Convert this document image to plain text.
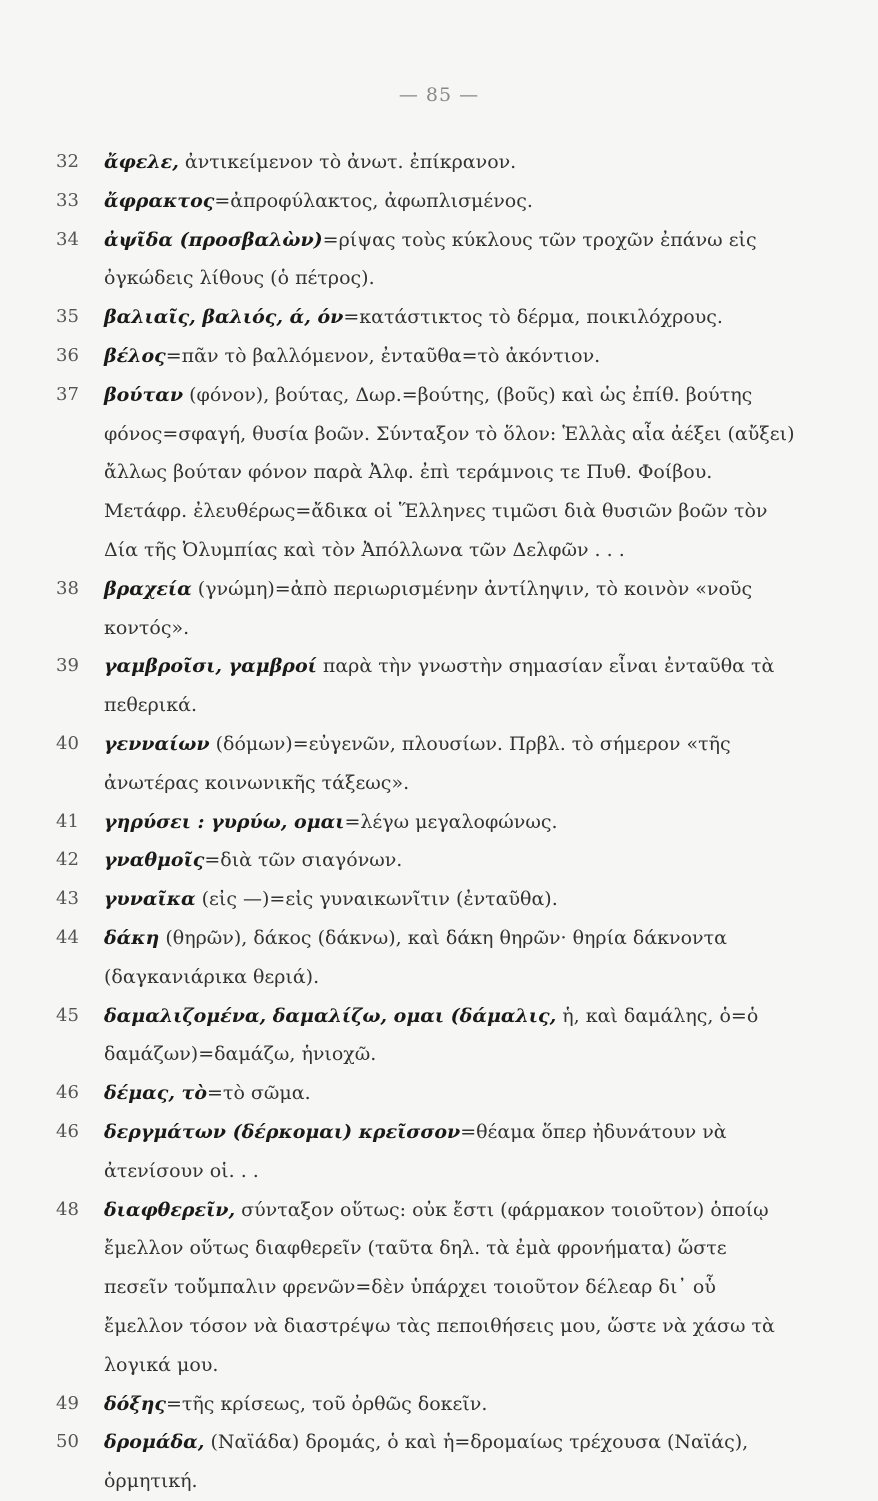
— 85 —
32	ἄφελε, ἀντικείμενον τὸ ἀνωτ. ἐπίκρανον.
33	ἄφρακτος=ἀπροφύλακτος, ἀφωπλισμένος.
34	ἀψῖδα (προσβαλὼν)=ρίψας τοὺς κύκλους τῶν τροχῶν ἐπάνω εἰς ὀγκώδεις λίθους (ὁ πέτρος).
35	βαλιαῖς, βαλιός, ά, όν=κατάστικτος τὸ δέρμα, ποικιλόχρους.
36	βέλος=πᾶν τὸ βαλλόμενον, ἐνταῦθα=τὸ ἀκόντιον.
37	βούταν (φόνον), βούτας, Δωρ.=βούτης, (βοῦς) καὶ ὡς ἐπίθ. βούτης φόνος=σφαγή, θυσία βοῶν. Σύνταξον τὸ ὅλον: Ἑλλὰς αἶα ἀέξει (αὔξει) ἄλλως βούταν φόνον παρὰ Ἀλφ. ἐπὶ τεράμνοις τε Πυθ. Φοίβου. Μετάφρ. ἐλευθέρως=ἄδικα οἱ Ἕλληνες τιμῶσι διὰ θυσιῶν βοῶν τὸν Δία τῆς Ὀλυμπίας καὶ τὸν Ἀπόλλωνα τῶν Δελφῶν . . .
38	βραχεία (γνώμη)=ἀπὸ περιωρισμένην ἀντίληψιν, τὸ κοινὸν «νοῦς κοντός».
39	γαμβροῖσι, γαμβροί παρὰ τὴν γνωστὴν σημασίαν εἶναι ἐνταῦθα τὰ πεθερικά.
40	γενναίων (δόμων)=εὐγενῶν, πλουσίων. Πρβλ. τὸ σήμερον «τῆς ἀνωτέρας κοινωνικῆς τάξεως».
41	γηρύσει : γυρύω, ομαι=λέγω μεγαλοφώνως.
42	γναθμοῖς=διὰ τῶν σιαγόνων.
43	γυναῖκα (εἰς —)=εἰς γυναικωνῖτιν (ἐνταῦθα).
44	δάκη (θηρῶν), δάκος (δάκνω), καὶ δάκη θηρῶν· θηρία δάκνοντα (δαγκανιάρικα θεριά).
45	δαμαλιζομένα, δαμαλίζω, ομαι (δάμαλις, ἡ, καὶ δαμάλης, ὁ=ὁ δαμάζων)=δαμάζω, ἡνιοχῶ.
46	δέμας, τὸ=τὸ σῶμα.
46	δεργμάτων (δέρκομαι) κρεῖσσον=θέαμα ὅπερ ἠδυνάτουν νὰ ἀτενίσουν οἱ. . .
48	διαφθερεῖν, σύνταξον οὕτως: οὐκ ἔστι (φάρμακον τοιοῦτον) ὁποίῳ ἔμελλον οὕτως διαφθερεῖν (ταῦτα δηλ. τὰ ἐμὰ φρονήματα) ὥστε πεσεῖν τοὔμπαλιν φρενῶν=δὲν ὑπάρχει τοιοῦτον δέλεαρ δι᾽ οὗ ἔμελλον τόσον νὰ διαστρέψω τὰς πεποιθήσεις μου, ὥστε νὰ χάσω τὰ λογικά μου.
49	δόξης=τῆς κρίσεως, τοῦ ὀρθῶς δοκεῖν.
50	δρομάδα, (Ναϊάδα) δρομάς, ὁ καὶ ἡ=δρομαίως τρέχουσα (Ναϊάς), ὁρμητική.
